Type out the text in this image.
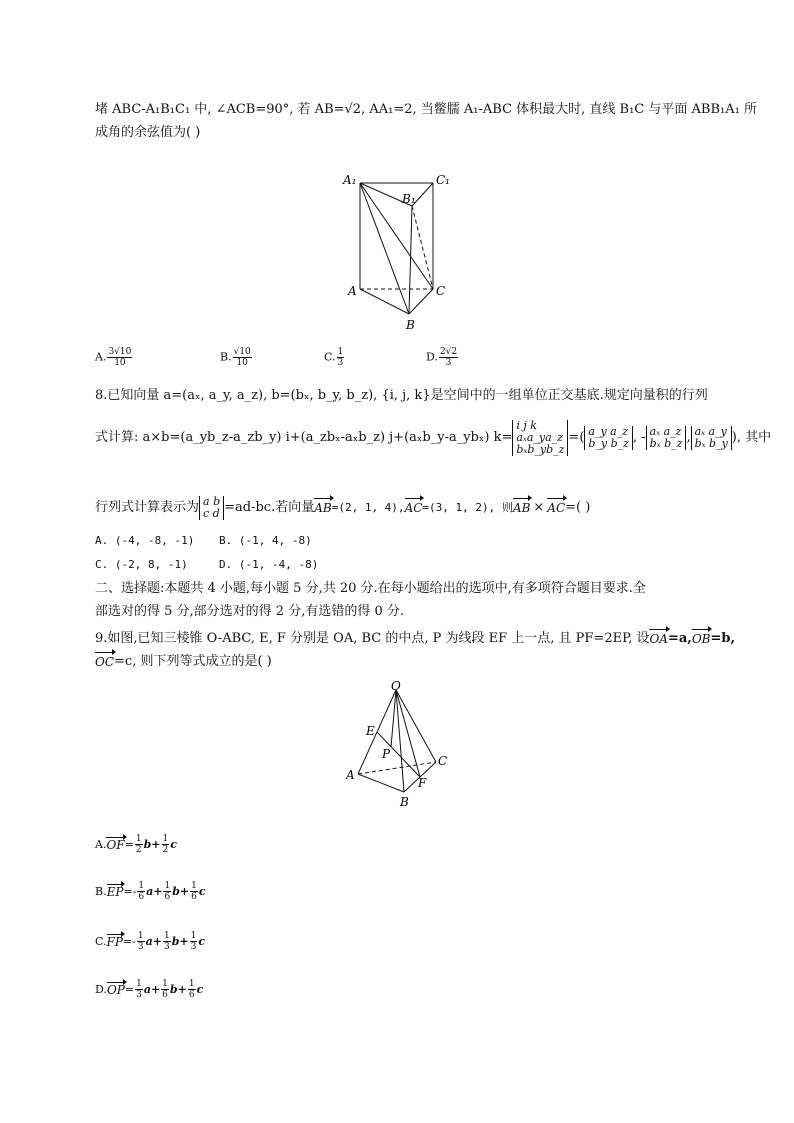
堵 ABC-A₁B₁C₁ 中, ∠ACB=90°, 若 AB=√2, AA₁=2, 当鳖臑 A₁-ABC 体积最大时, 直线 B₁C 与平面 ABB₁A₁ 所
成角的余弦值为( )
A₁	C₁
B₁
A	C
B
A. $\frac{3√10}{10}$	B. $\frac{√10}{10}$	C. $\frac{1}{3}$	D. $\frac{2√2}{3}$
8.已知向量 a=(aₓ, a_y, a_z), b=(bₓ, b_y, b_z), {i, j, k}是空间中的一组单位正交基底.规定向量积的行列
式计算: a×b=(a_yb_z-a_zb_y) i+(a_zbₓ-aₓb_z) j+(aₓb_y-a_ybₓ) k=
i j k
aₓa_ya_z
bₓb_yb_z
=( a_y a_z
b_y b_z , - aₓ a_z
bₓ b_z , aₓ a_y
bₓ b_y ), 其中
行列式计算表示为 a b
c d =ad-bc.若向量 AB =(2, 1, 4), AC =(3, 1, 2), 则 AB × AC =( )
A. (-4, -8, -1) B. (-1, 4, -8)
C. (-2, 8, -1)	D. (-1, -4, -8)
二、选择题:本题共 4 小题,每小题 5 分,共 20 分.在每小题给出的选项中,有多项符合题目要求.全
部选对的得 5 分,部分选对的得 2 分,有选错的得 0 分.
9.如图,已知三棱锥 O-ABC, E, F 分别是 OA, BC 的中点, P 为线段 EF 上一点, 且 PF=2EP, 设 OA =a, OB =b,
OC =c, 则下列等式成立的是( )
O
E
P
A
C
F
B
A. OF = $\frac{1}{2} b+ \frac{1}{2}$ c
B. EP =- $\frac{1}{6} a+ \frac{1}{6} b+ \frac{1}{6}$ c
C. FP =- $\frac{1}{3} a+ \frac{1}{3} b+ \frac{1}{3}$ c
D. OP = $\frac{1}{3} a+ \frac{1}{6} b+ \frac{1}{6}$ c
